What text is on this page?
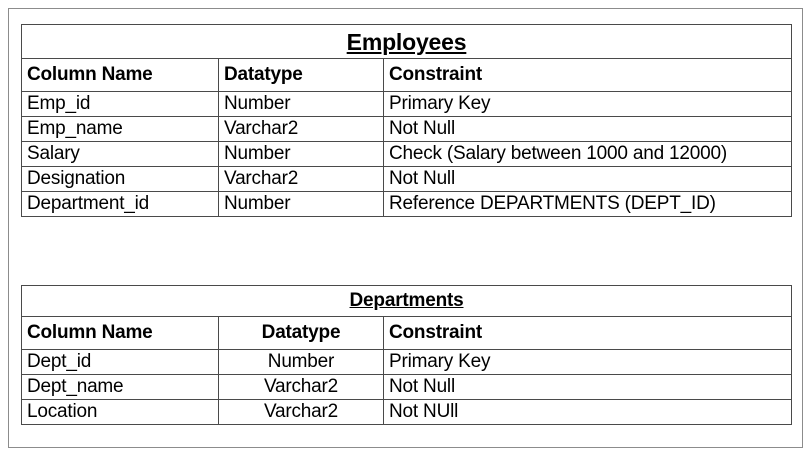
Employees		
Column Name	Datatype	Constraint
Emp_id	Number	Primary Key
Emp_name	Varchar2	Not Null
Salary	Number	Check (Salary between 1000 and 12000)
Designation	Varchar2	Not Null
Department_id	Number	Reference DEPARTMENTS (DEPT_ID)
Departments		
Column Name	Datatype	Constraint
Dept_id	Number	Primary Key
Dept_name	Varchar2	Not Null
Location	Varchar2	Not NUll
